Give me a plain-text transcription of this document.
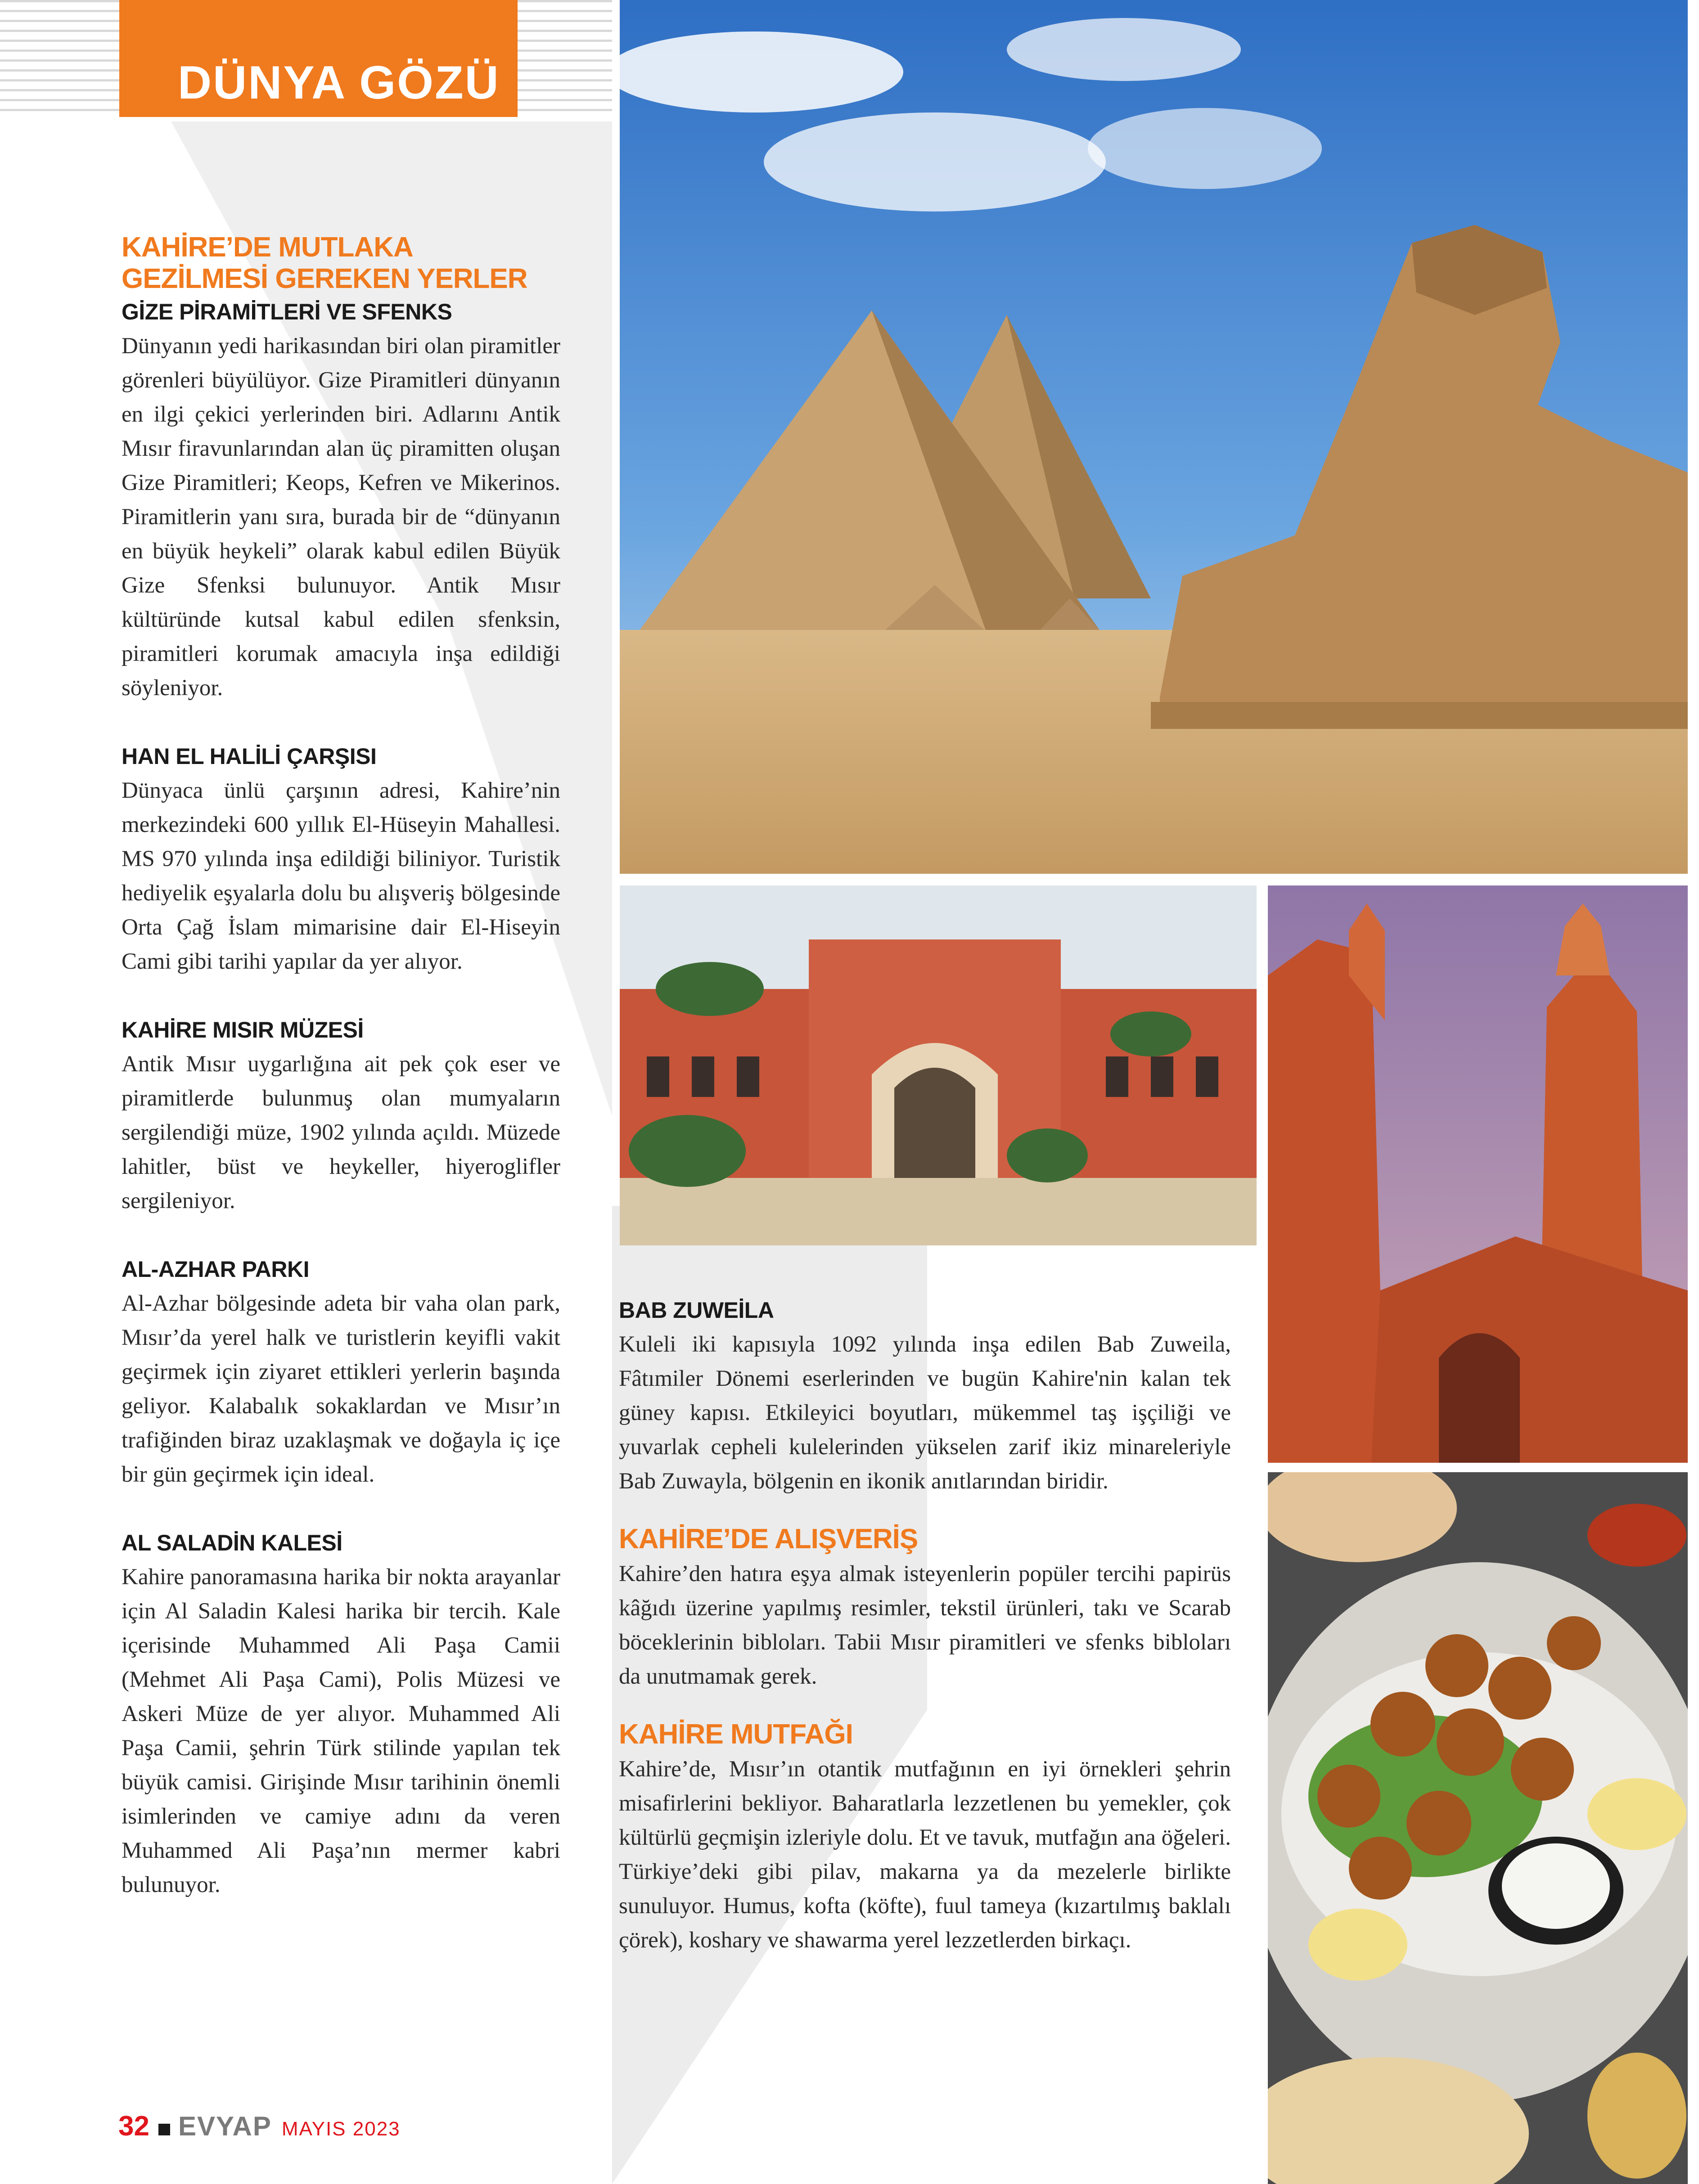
DÜNYA GÖZÜ
KAHİRE’DE MUTLAKA GEZİLMESİ GEREKEN YERLER

GİZE PİRAMİTLERİ VE SFENKS

Dünyanın yedi harikasından biri olan piramitler görenleri büyülüyor. Gize Piramitleri dünyanın en ilgi çekici yerlerinden biri. Adlarını Antik Mısır firavunlarından alan üç piramitten oluşan Gize Piramitleri; Keops, Kefren ve Mikerinos. Piramitlerin yanı sıra, burada bir de “dünyanın en büyük heykeli” olarak kabul edilen Büyük Gize Sfenksi bulunuyor. Antik Mısır kültüründe kutsal kabul edilen sfenksin, piramitleri korumak amacıyla inşa edildiği söyleniyor.

HAN EL HALİLİ ÇARŞISI

Dünyaca ünlü çarşının adresi, Kahire’nin merkezindeki 600 yıllık El-Hüseyin Mahallesi. MS 970 yılında inşa edildiği biliniyor. Turistik hediyelik eşyalarla dolu bu alışveriş bölgesinde Orta Çağ İslam mimarisine dair El-Hiseyin Cami gibi tarihi yapılar da yer alıyor.

KAHİRE MISIR MÜZESİ

Antik Mısır uygarlığına ait pek çok eser ve piramitlerde bulunmuş olan mumyaların sergilendiği müze, 1902 yılında açıldı. Müzede lahitler, büst ve heykeller, hiyeroglifler sergileniyor.

AL-AZHAR PARKI

Al-Azhar bölgesinde adeta bir vaha olan park, Mısır’da yerel halk ve turistlerin keyifli vakit geçirmek için ziyaret ettikleri yerlerin başında geliyor. Kalabalık sokaklardan ve Mısır’ın trafiğinden biraz uzaklaşmak ve doğayla iç içe bir gün geçirmek için ideal.

AL SALADİN KALESİ

Kahire panoramasına harika bir nokta arayanlar için Al Saladin Kalesi harika bir tercih. Kale içerisinde Muhammed Ali Paşa Camii (Mehmet Ali Paşa Cami), Polis Müzesi ve Askeri Müze de yer alıyor. Muhammed Ali Paşa Camii, şehrin Türk stilinde yapılan tek büyük camisi. Girişinde Mısır tarihinin önemli isimlerinden ve camiye adını da veren Muhammed Ali Paşa’nın mermer kabri bulunuyor.

BAB ZUWEİLA

Kuleli iki kapısıyla 1092 yılında inşa edilen Bab Zuweila, Fâtımiler Dönemi eserlerinden ve bugün Kahire'nin kalan tek güney kapısı. Etkileyici boyutları, mükemmel taş işçiliği ve yuvarlak cepheli kulelerinden yükselen zarif ikiz minareleriyle Bab Zuwayla, bölgenin en ikonik anıtlarından biridir.

KAHİRE’DE ALIŞVERİŞ

Kahire’den hatıra eşya almak isteyenlerin popüler tercihi papirüs kâğıdı üzerine yapılmış resimler, tekstil ürünleri, takı ve Scarab böceklerinin biblоları. Tabii Mısır piramitleri ve sfenks biblоları da unutmamak gerek.

KAHİRE MUTFAĞI

Kahire’de, Mısır’ın otantik mutfağının en iyi örnekleri şehrin misafirlerini bekliyor. Baharatlarla lezzetlenen bu yemekler, çok kültürlü geçmişin izleriyle dolu. Et ve tavuk, mutfağın ana öğeleri. Türkiye’deki gibi pilav, makarna ya da mezelerle birlikte sunuluyor. Humus, kofta (köfte), fuul tameya (kızartılmış baklalı çörek), koshary ve shawarma yerel lezzetlerden birkaçı.

32 EVYAP MAYIS 2023
